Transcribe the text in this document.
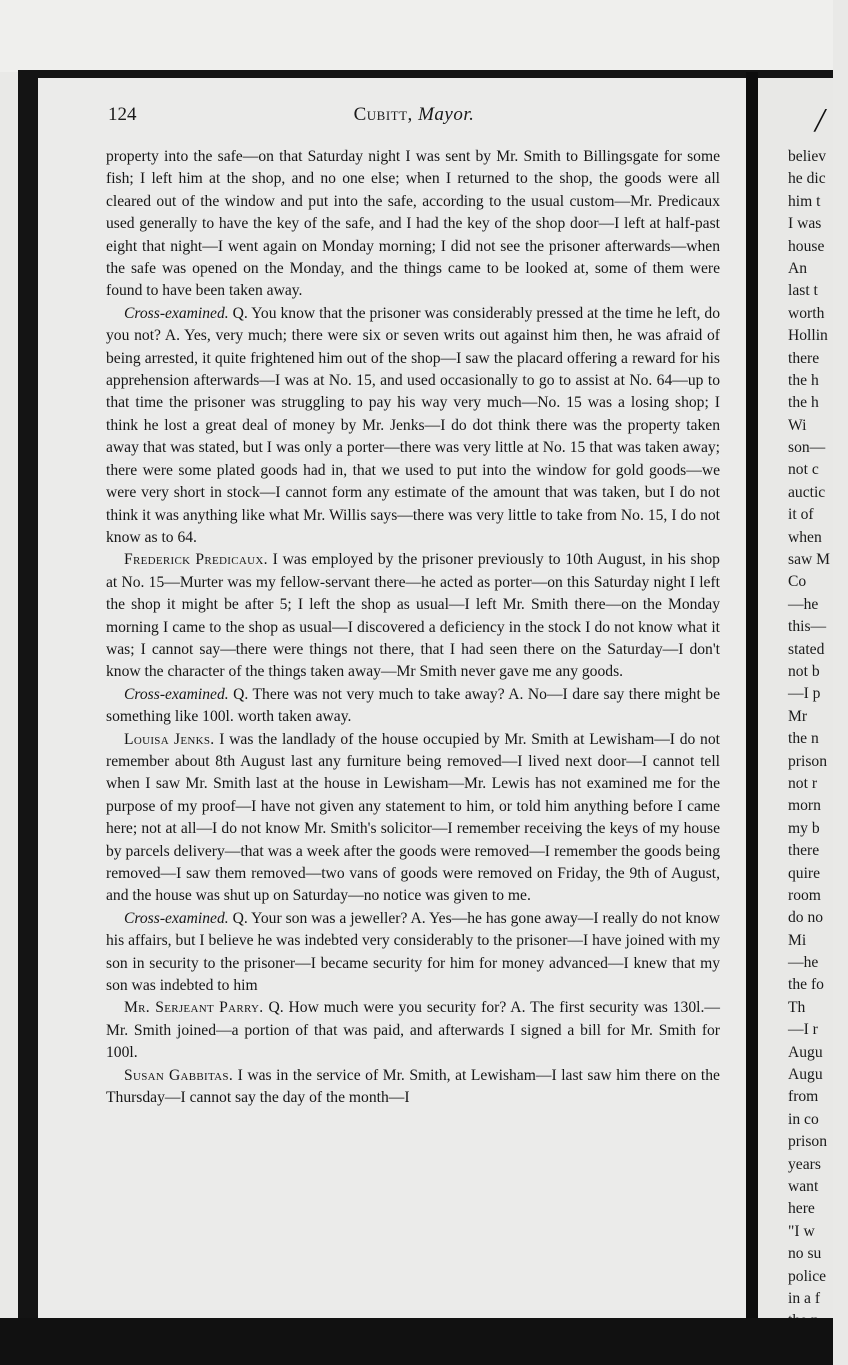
/
believ
he dic
him t
I was
house
An
last t
worth
Hollin
there
the h
the h
Wi
son—
not c
auctic
it of
when
saw M
Co
—he
this—
stated
not b
—I p
Mr
the n
prison
not r
morn
my b
there
quire
room
do no
Mi
—he
the fo
Th
—I r
Augu
Augu
from
in co
prison
years
want
here
"I w
no su
police
in a f
124	Cubitt, Mayor.

property into the safe—on that Saturday night I was sent by Mr. Smith to Billingsgate for some fish; I left him at the shop, and no one else; when I returned to the shop, the goods were all cleared out of the window and put into the safe, according to the usual custom—Mr. Predicaux used generally to have the key of the safe, and I had the key of the shop door—I left at half-past eight that night—I went again on Monday morning; I did not see the prisoner afterwards—when the safe was opened on the Monday, and the things came to be looked at, some of them were found to have been taken away.

Cross-examined. Q. You know that the prisoner was considerably pressed at the time he left, do you not? A. Yes, very much; there were six or seven writs out against him then, he was afraid of being arrested, it quite frightened him out of the shop—I saw the placard offering a reward for his apprehension afterwards—I was at No. 15, and used occasionally to go to assist at No. 64—up to that time the prisoner was struggling to pay his way very much—No. 15 was a losing shop; I think he lost a great deal of money by Mr. Jenks—I do dot think there was the property taken away that was stated, but I was only a porter—there was very little at No. 15 that was taken away; there were some plated goods had in, that we used to put into the window for gold goods—we were very short in stock—I cannot form any estimate of the amount that was taken, but I do not think it was anything like what Mr. Willis says—there was very little to take from No. 15, I do not know as to 64.

Frederick Predicaux. I was employed by the prisoner previously to 10th August, in his shop at No. 15—Murter was my fellow-servant there—he acted as porter—on this Saturday night I left the shop it might be after 5; I left the shop as usual—I left Mr. Smith there—on the Monday morning I came to the shop as usual—I discovered a deficiency in the stock I do not know what it was; I cannot say—there were things not there, that I had seen there on the Saturday—I don't know the character of the things taken away—Mr Smith never gave me any goods.

Cross-examined. Q. There was not very much to take away? A. No—I dare say there might be something like 100l. worth taken away.

Louisa Jenks. I was the landlady of the house occupied by Mr. Smith at Lewisham—I do not remember about 8th August last any furniture being removed—I lived next door—I cannot tell when I saw Mr. Smith last at the house in Lewisham—Mr. Lewis has not examined me for the purpose of my proof—I have not given any statement to him, or told him anything before I came here; not at all—I do not know Mr. Smith's solicitor—I remember receiving the keys of my house by parcels delivery—that was a week after the goods were removed—I remember the goods being removed—I saw them removed—two vans of goods were removed on Friday, the 9th of August, and the house was shut up on Saturday—no notice was given to me.

Cross-examined. Q. Your son was a jeweller? A. Yes—he has gone away—I really do not know his affairs, but I believe he was indebted very considerably to the prisoner—I have joined with my son in security to the prisoner—I became security for him for money advanced—I knew that my son was indebted to him

Mr. Serjeant Parry. Q. How much were you security for? A. The first security was 130l.—Mr. Smith joined—a portion of that was paid, and afterwards I signed a bill for Mr. Smith for 100l.

Susan Gabbitas. I was in the service of Mr. Smith, at Lewisham—I last saw him there on the Thursday—I cannot say the day of the month—I
